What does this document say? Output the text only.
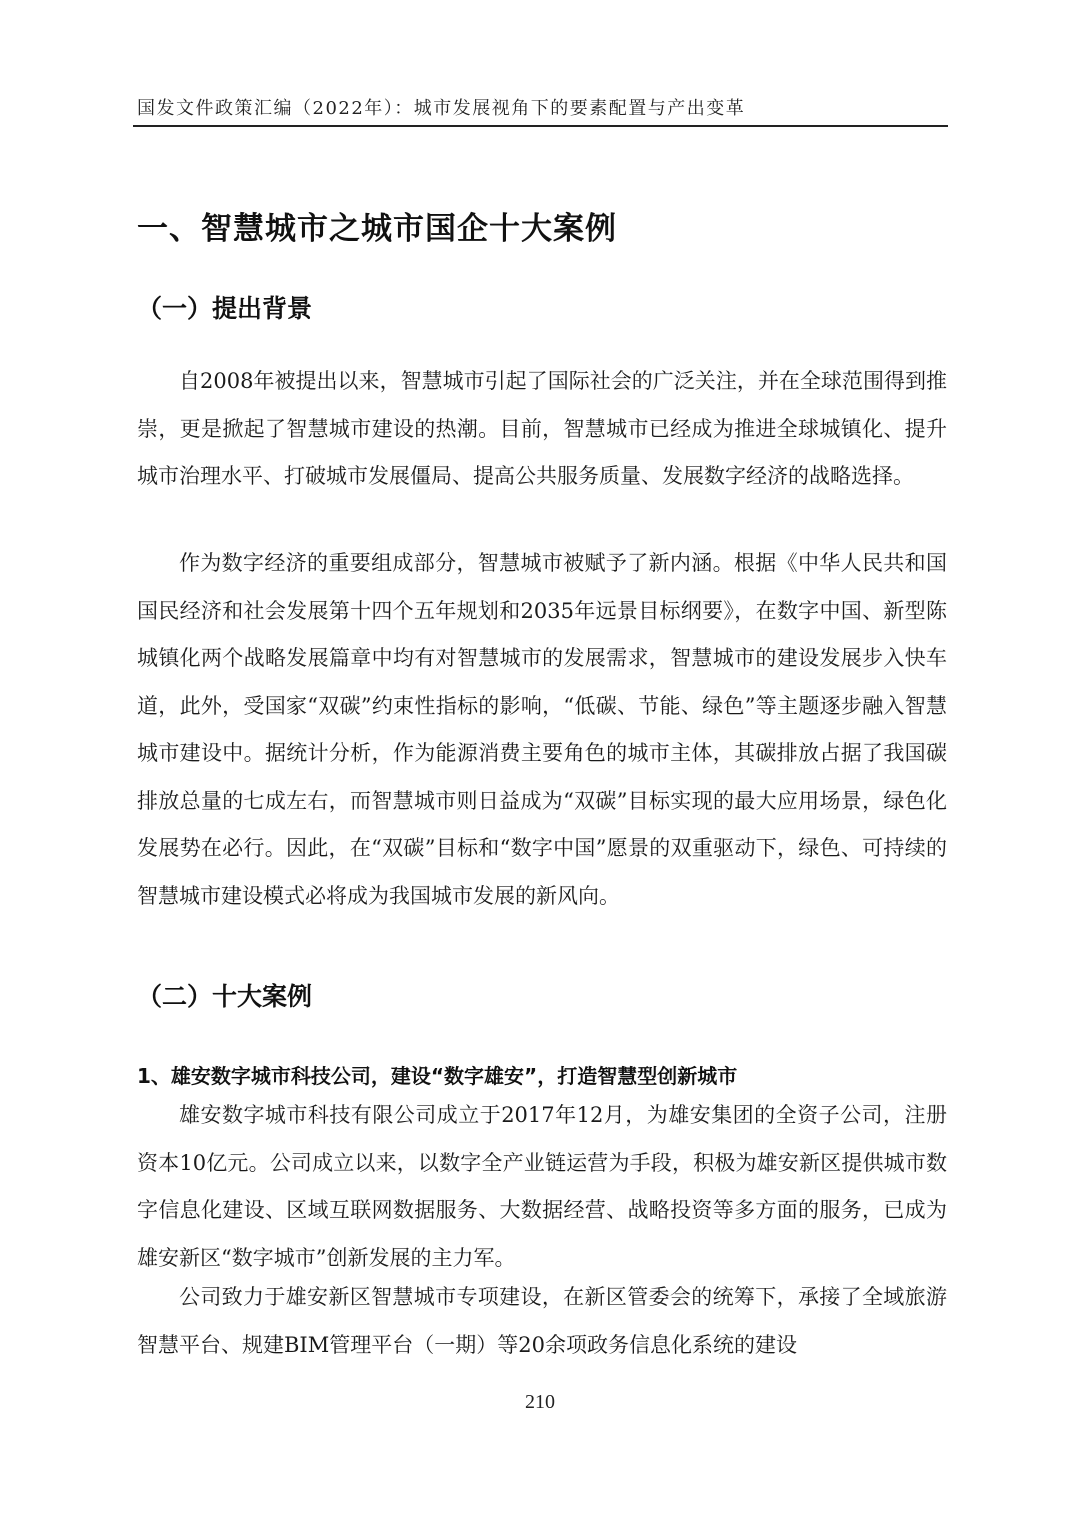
国发文件政策汇编（2022年）：城市发展视角下的要素配置与产出变革
一、智慧城市之城市国企十大案例
（一）提出背景

自2008年被提出以来，智慧城市引起了国际社会的广泛关注，并在全球范围得到推崇，更是掀起了智慧城市建设的热潮。目前，智慧城市已经成为推进全球城镇化、提升城市治理水平、打破城市发展僵局、提高公共服务质量、发展数字经济的战略选择。

作为数字经济的重要组成部分，智慧城市被赋予了新内涵。根据《中华人民共和国国民经济和社会发展第十四个五年规划和2035年远景目标纲要》，在数字中国、新型陈城镇化两个战略发展篇章中均有对智慧城市的发展需求，智慧城市的建设发展步入快车道，此外，受国家“双碳”约束性指标的影响，“低碳、节能、绿色”等主题逐步融入智慧城市建设中。据统计分析，作为能源消费主要角色的城市主体，其碳排放占据了我国碳排放总量的七成左右，而智慧城市则日益成为“双碳”目标实现的最大应用场景，绿色化发展势在必行。因此，在“双碳”目标和“数字中国”愿景的双重驱动下，绿色、可持续的智慧城市建设模式必将成为我国城市发展的新风向。

（二）十大案例
1、雄安数字城市科技公司，建设“数字雄安”，打造智慧型创新城市

雄安数字城市科技有限公司成立于2017年12月，为雄安集团的全资子公司，注册资本10亿元。公司成立以来，以数字全产业链运营为手段，积极为雄安新区提供城市数字信息化建设、区域互联网数据服务、大数据经营、战略投资等多方面的服务，已成为雄安新区“数字城市”创新发展的主力军。

公司致力于雄安新区智慧城市专项建设，在新区管委会的统筹下，承接了全域旅游智慧平台、规建BIM管理平台（一期）等20余项政务信息化系统的建设

210
